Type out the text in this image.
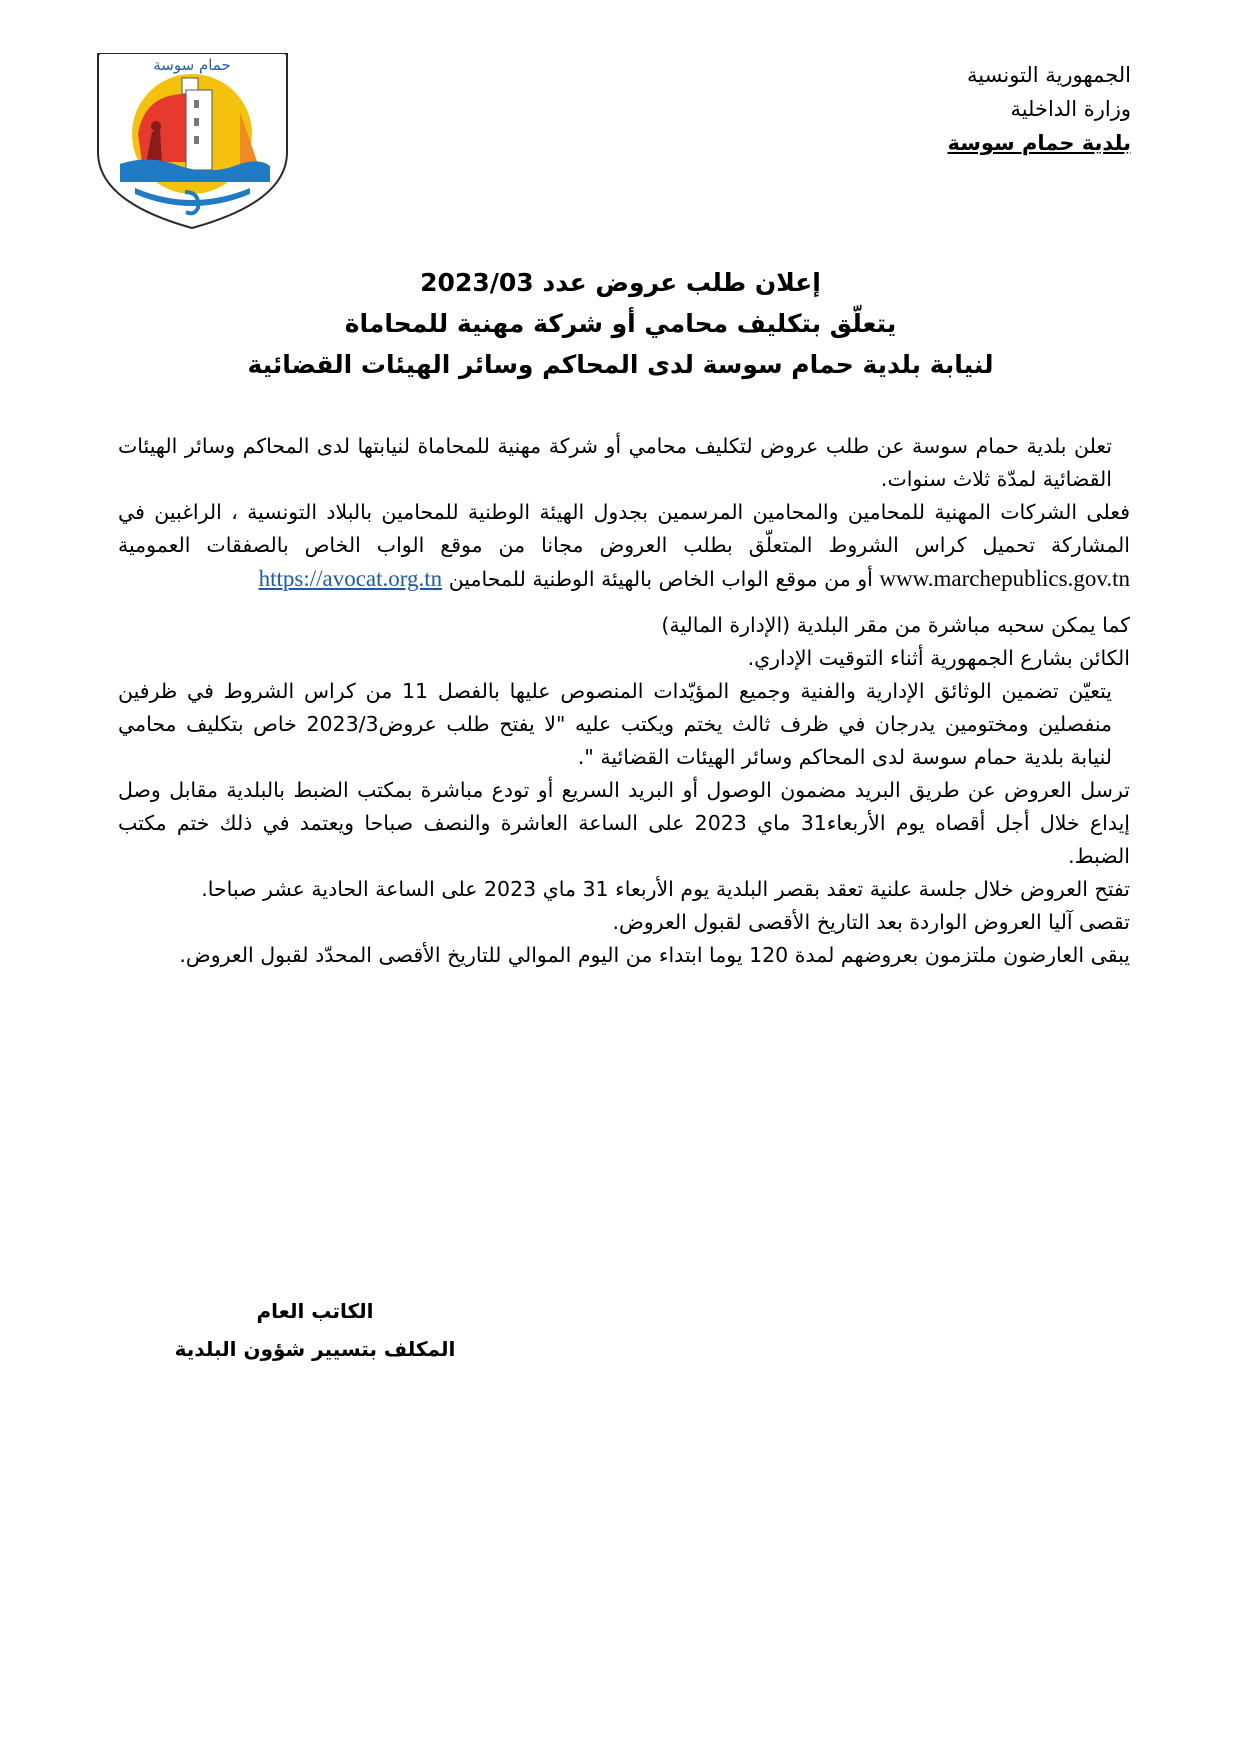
حمام سوسة	الجمهورية التونسية
وزارة الداخلية
بلدية حمام سوسة
إعلان طلب عروض عدد 2023/03
يتعلّق بتكليف محامي أو شركة مهنية للمحاماة
لنيابة بلدية حمام سوسة لدى المحاكم وسائر الهيئات القضائية

تعلن بلدية حمام سوسة عن طلب عروض لتكليف محامي أو شركة مهنية للمحاماة لنيابتها لدى المحاكم وسائر الهيئات القضائية لمدّة ثلاث سنوات.

فعلى الشركات المهنية للمحامين والمحامين المرسمين بجدول الهيئة الوطنية للمحامين بالبلاد التونسية ، الراغبين في المشاركة تحميل كراس الشروط المتعلّق بطلب العروض مجانا من موقع الواب الخاص بالصفقات العمومية www.marchepublics.gov.tn أو من موقع الواب الخاص بالهيئة الوطنية للمحامين https://avocat.org.tn

كما يمكن سحبه مباشرة من مقر البلدية (الإدارة المالية)

الكائن بشارع الجمهورية أثناء التوقيت الإداري.

يتعيّن تضمين الوثائق الإدارية والفنية وجميع المؤيّدات المنصوص عليها بالفصل 11 من كراس الشروط في ظرفين منفصلين ومختومين يدرجان في ظرف ثالث يختم ويكتب عليه "لا يفتح طلب عروض2023/3 خاص بتكليف محامي لنيابة بلدية حمام سوسة لدى المحاكم وسائر الهيئات القضائية ".

ترسل العروض عن طريق البريد مضمون الوصول أو البريد السريع أو تودع مباشرة بمكتب الضبط بالبلدية مقابل وصل إيداع خلال أجل أقصاه يوم الأربعاء31 ماي 2023 على الساعة العاشرة والنصف صباحا ويعتمد في ذلك ختم مكتب الضبط.

تفتح العروض خلال جلسة علنية تعقد بقصر البلدية يوم الأربعاء 31 ماي 2023 على الساعة الحادية عشر صباحا.

تقصى آليا العروض الواردة بعد التاريخ الأقصى لقبول العروض.

يبقى العارضون ملتزمون بعروضهم لمدة 120 يوما ابتداء من اليوم الموالي للتاريخ الأقصى المحدّد لقبول العروض.

الكاتب العام
المكلف بتسيير شؤون البلدية
